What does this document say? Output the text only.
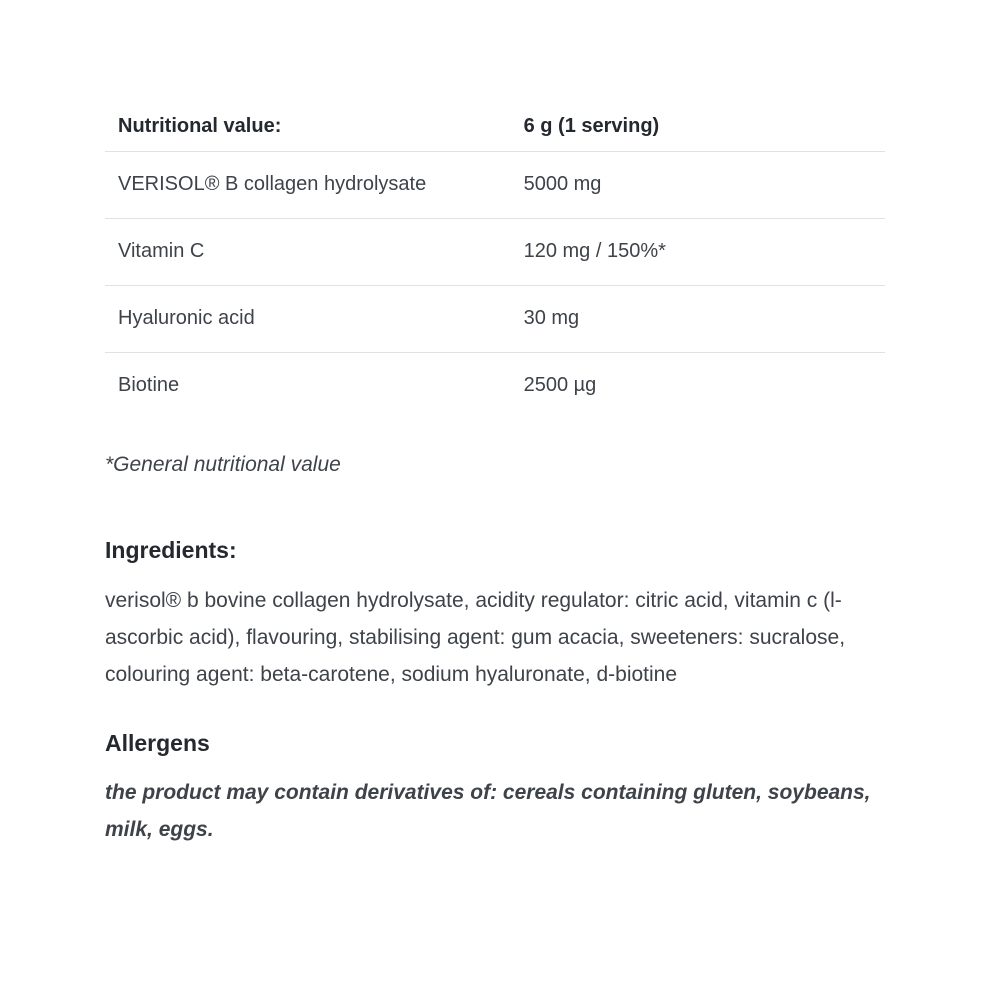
Nutritional value:	6 g (1 serving)
VERISOL® B collagen hydrolysate	5000 mg
Vitamin C	120 mg / 150%*
Hyaluronic acid	30 mg
Biotine	2500 µg
*General nutritional value
Ingredients:
verisol® b bovine collagen hydrolysate, acidity regulator: citric acid, vitamin c (l-ascorbic acid), flavouring, stabilising agent: gum acacia, sweeteners: sucralose, colouring agent: beta-carotene, sodium hyaluronate, d-biotine
Allergens
the product may contain derivatives of: cereals containing gluten, soybeans, milk, eggs.
